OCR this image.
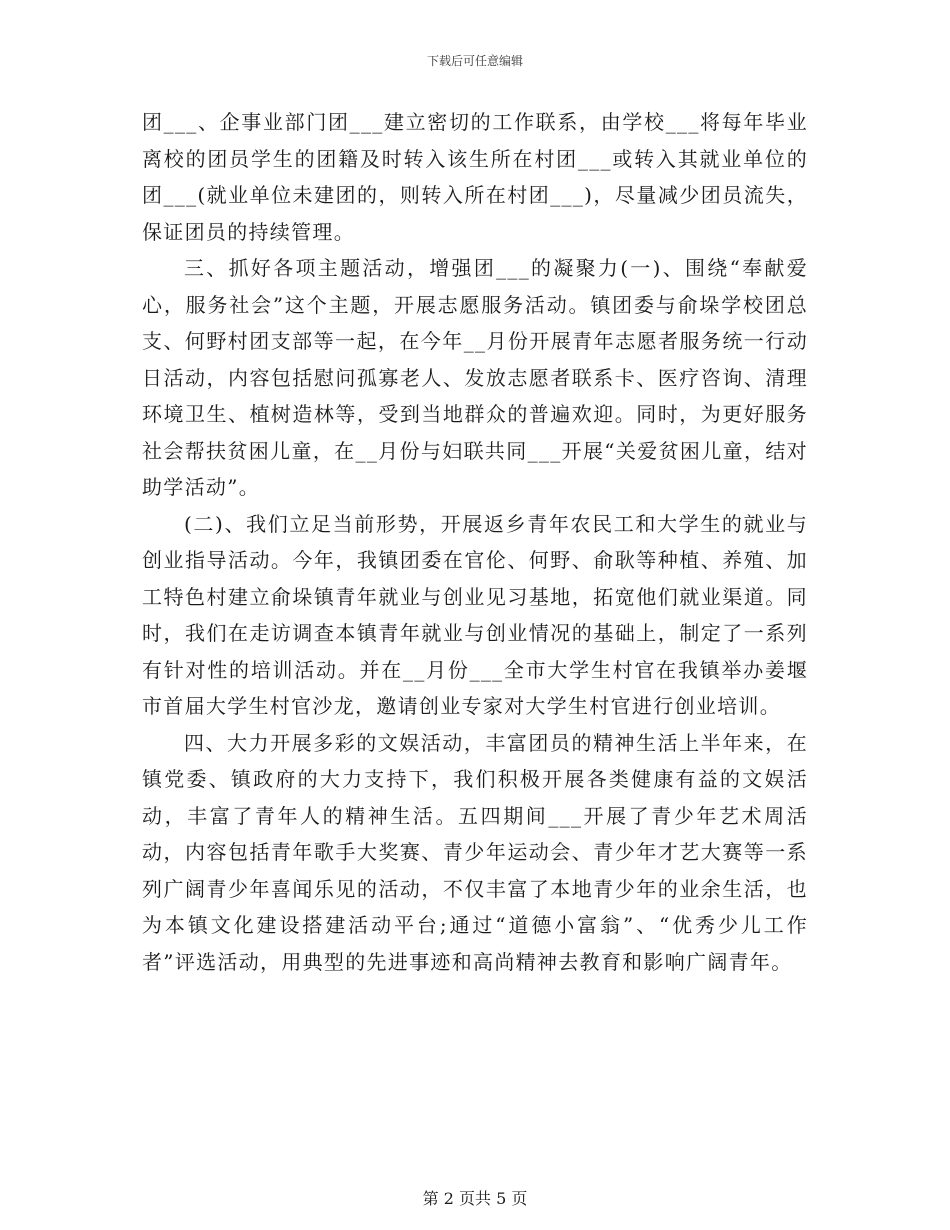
下载后可任意编辑

团___、企事业部门团___建立密切的工作联系，由学校___将每年毕业离校的团员学生的团籍及时转入该生所在村团___或转入其就业单位的团___(就业单位未建团的，则转入所在村团___)，尽量减少团员流失，保证团员的持续管理。

三、抓好各项主题活动，增强团___的凝聚力(一)、围绕“奉献爱心，服务社会”这个主题，开展志愿服务活动。镇团委与俞垛学校团总支、何野村团支部等一起，在今年__月份开展青年志愿者服务统一行动日活动，内容包括慰问孤寡老人、发放志愿者联系卡、医疗咨询、清理环境卫生、植树造林等，受到当地群众的普遍欢迎。同时，为更好服务社会帮扶贫困儿童，在__月份与妇联共同___开展“关爱贫困儿童，结对助学活动”。

(二)、我们立足当前形势，开展返乡青年农民工和大学生的就业与创业指导活动。今年，我镇团委在官伦、何野、俞耿等种植、养殖、加工特色村建立俞垛镇青年就业与创业见习基地，拓宽他们就业渠道。同时，我们在走访调查本镇青年就业与创业情况的基础上，制定了一系列有针对性的培训活动。并在__月份___全市大学生村官在我镇举办姜堰市首届大学生村官沙龙，邀请创业专家对大学生村官进行创业培训。

四、大力开展多彩的文娱活动，丰富团员的精神生活上半年来，在镇党委、镇政府的大力支持下，我们积极开展各类健康有益的文娱活动，丰富了青年人的精神生活。五四期间___开展了青少年艺术周活动，内容包括青年歌手大奖赛、青少年运动会、青少年才艺大赛等一系列广阔青少年喜闻乐见的活动，不仅丰富了本地青少年的业余生活，也为本镇文化建设搭建活动平台;通过“道德小富翁”、“优秀少儿工作者”评选活动，用典型的先进事迹和高尚精神去教育和影响广阔青年。

第 2 页共 5 页
